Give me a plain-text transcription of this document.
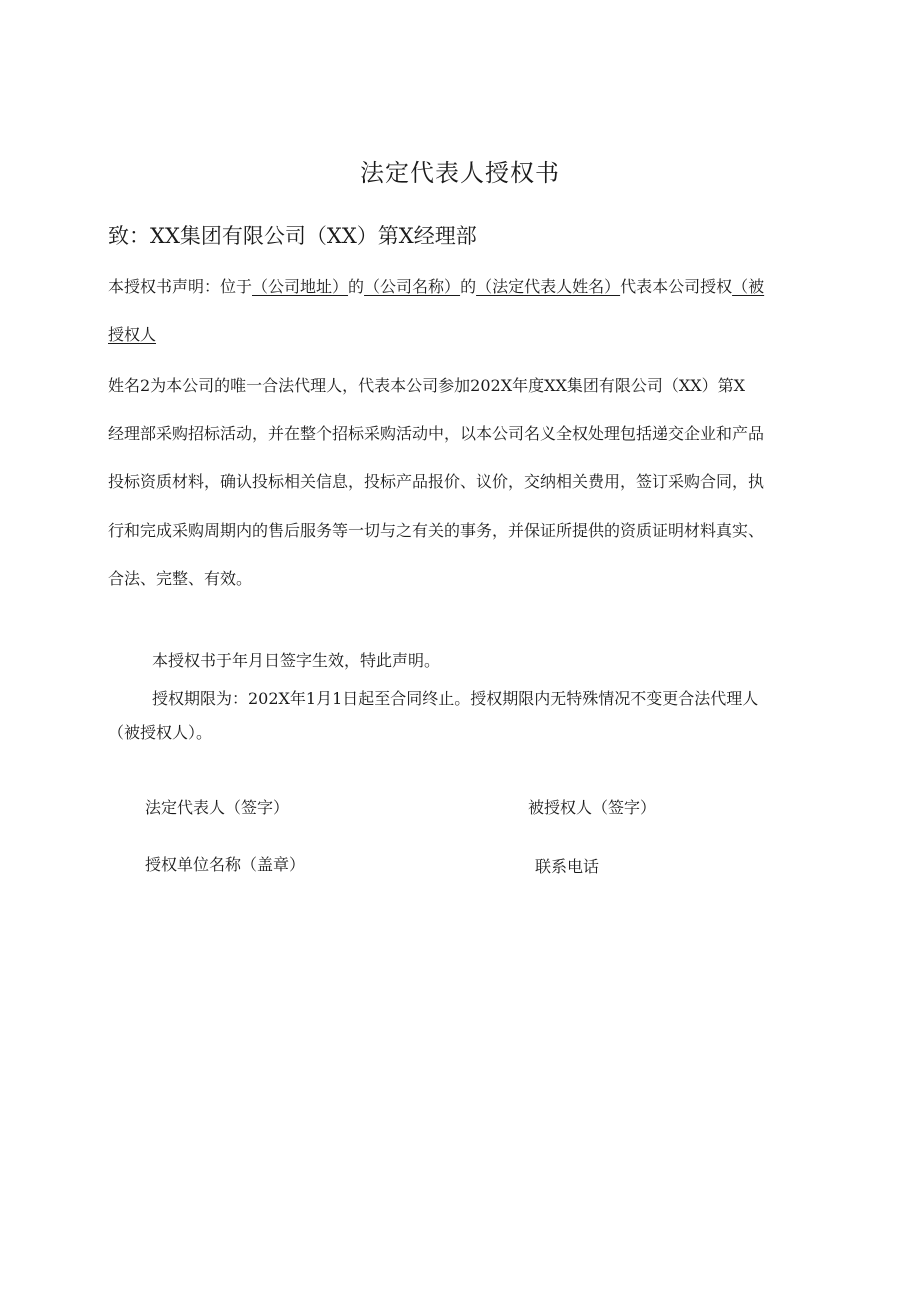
法定代表人授权书
致：XX集团有限公司（XX）第X经理部
本授权书声明：位于（公司地址）的（公司名称）的（法定代表人姓名）代表本公司授权（被
授权人
姓名2为本公司的唯一合法代理人，代表本公司参加202X年度XX集团有限公司（XX）第X
经理部采购招标活动，并在整个招标采购活动中，以本公司名义全权处理包括递交企业和产品
投标资质材料，确认投标相关信息，投标产品报价、议价，交纳相关费用，签订采购合同，执
行和完成采购周期内的售后服务等一切与之有关的事务，并保证所提供的资质证明材料真实、
合法、完整、有效。
本授权书于年月日签字生效，特此声明。
授权期限为：202X年1月1日起至合同终止。授权期限内无特殊情况不变更合法代理人
（被授权人）。
法定代表人（签字）	被授权人（签字）
授权单位名称（盖章）	联系电话
